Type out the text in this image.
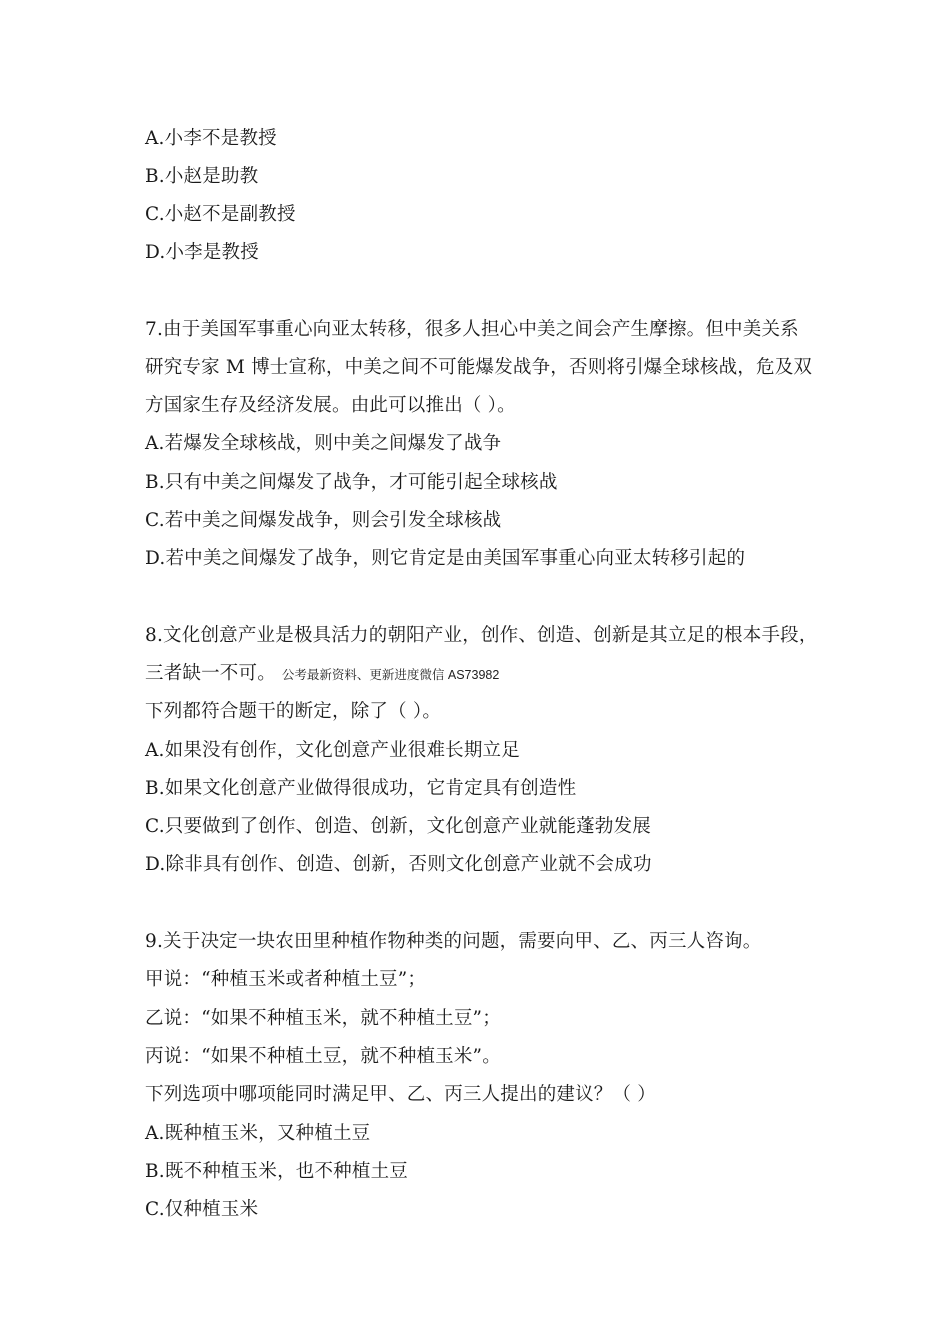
A.小李不是教授
B.小赵是助教
C.小赵不是副教授
D.小李是教授
7.由于美国军事重心向亚太转移，很多人担心中美之间会产生摩擦。但中美关系
研究专家 M 博士宣称，中美之间不可能爆发战争，否则将引爆全球核战，危及双
方国家生存及经济发展。由此可以推出（ ）。
A.若爆发全球核战，则中美之间爆发了战争
B.只有中美之间爆发了战争，才可能引起全球核战
C.若中美之间爆发战争，则会引发全球核战
D.若中美之间爆发了战争，则它肯定是由美国军事重心向亚太转移引起的
8.文化创意产业是极具活力的朝阳产业，创作、创造、创新是其立足的根本手段，
三者缺一不可。 公考最新资料、更新进度微信 AS73982
下列都符合题干的断定，除了（ ）。
A.如果没有创作，文化创意产业很难长期立足
B.如果文化创意产业做得很成功，它肯定具有创造性
C.只要做到了创作、创造、创新，文化创意产业就能蓬勃发展
D.除非具有创作、创造、创新，否则文化创意产业就不会成功
9.关于决定一块农田里种植作物种类的问题，需要向甲、乙、丙三人咨询。
甲说：“种植玉米或者种植土豆”；
乙说：“如果不种植玉米，就不种植土豆”；
丙说：“如果不种植土豆，就不种植玉米”。
下列选项中哪项能同时满足甲、乙、丙三人提出的建议？（ ）
A.既种植玉米，又种植土豆
B.既不种植玉米，也不种植土豆
C.仅种植玉米
